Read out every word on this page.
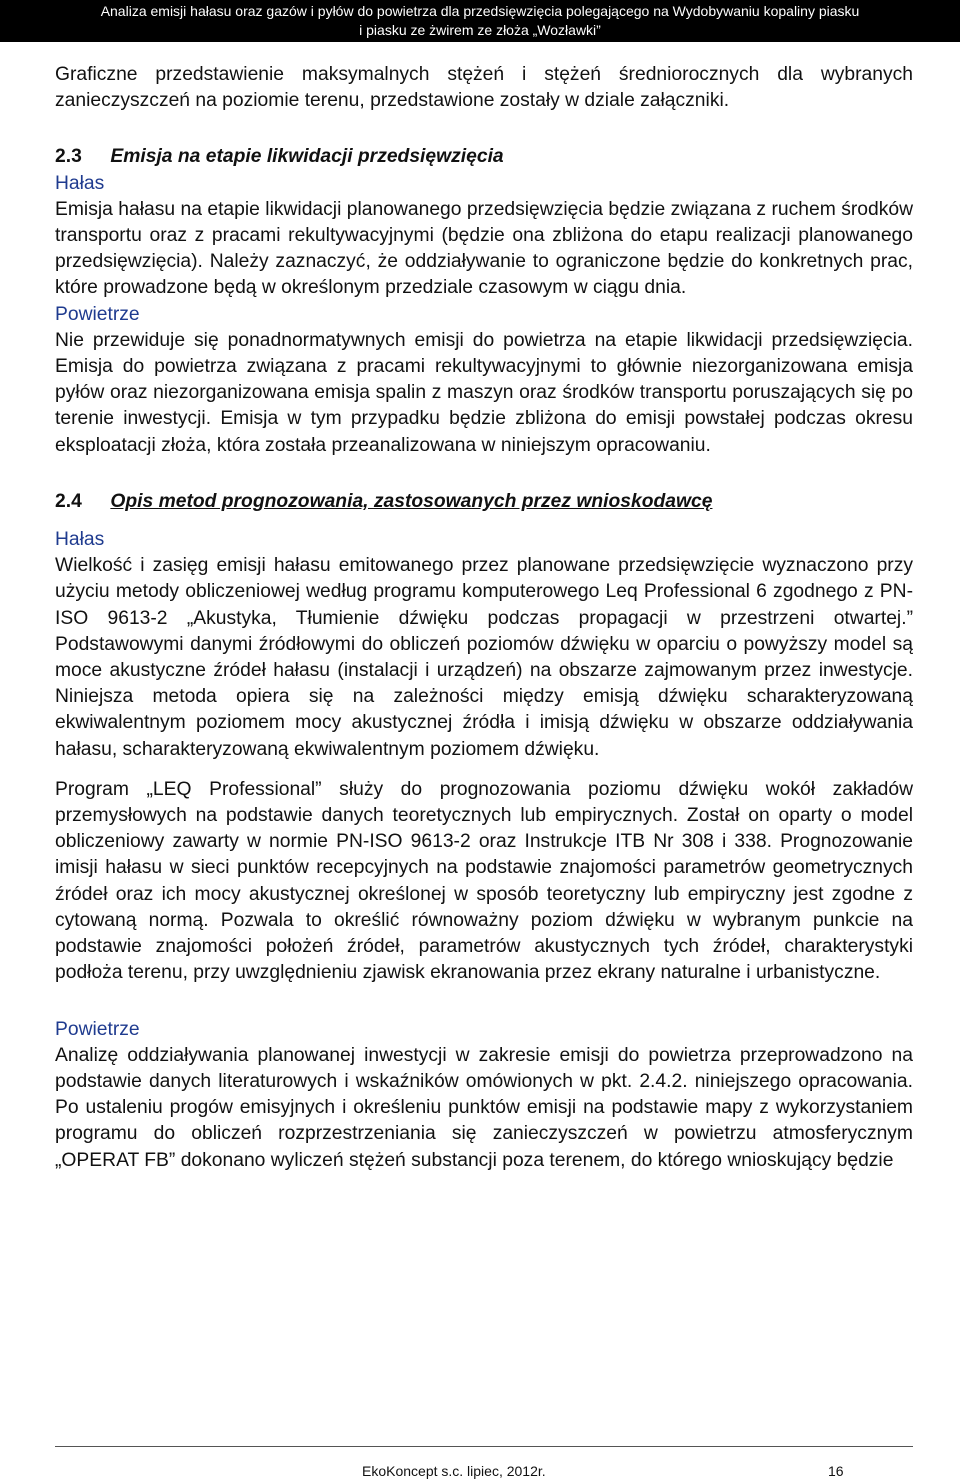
Analiza emisji hałasu oraz gazów i pyłów do powietrza dla przedsięwzięcia polegającego na Wydobywaniu kopaliny piasku
i piasku ze żwirem ze złoża „Wozławki”

Graficzne przedstawienie maksymalnych stężeń i stężeń średniorocznych dla wybranych zanieczyszczeń na poziomie terenu, przedstawione zostały w dziale załączniki.

2.3 Emisja na etapie likwidacji przedsięwzięcia

Hałas

Emisja hałasu na etapie likwidacji planowanego przedsięwzięcia będzie związana z ruchem środków transportu oraz z pracami rekultywacyjnymi (będzie ona zbliżona do etapu realizacji planowanego przedsięwzięcia). Należy zaznaczyć, że oddziaływanie to ograniczone będzie do konkretnych prac, które prowadzone będą w określonym przedziale czasowym w ciągu dnia.

Powietrze

Nie przewiduje się ponadnormatywnych emisji do powietrza na etapie likwidacji przedsięwzięcia. Emisja do powietrza związana z pracami rekultywacyjnymi to głównie niezorganizowana emisja pyłów oraz niezorganizowana emisja spalin z maszyn oraz środków transportu poruszających się po terenie inwestycji. Emisja w tym przypadku będzie zbliżona do emisji powstałej podczas okresu eksploatacji złoża, która została przeanalizowana w niniejszym opracowaniu.

2.4 Opis metod prognozowania, zastosowanych przez wnioskodawcę

Hałas

Wielkość i zasięg emisji hałasu emitowanego przez planowane przedsięwzięcie wyznaczono przy użyciu metody obliczeniowej według programu komputerowego Leq Professional 6 zgodnego z PN-ISO 9613-2 „Akustyka, Tłumienie dźwięku podczas propagacji w przestrzeni otwartej.” Podstawowymi danymi źródłowymi do obliczeń poziomów dźwięku w oparciu o powyższy model są moce akustyczne źródeł hałasu (instalacji i urządzeń) na obszarze zajmowanym przez inwestycje. Niniejsza metoda opiera się na zależności między emisją dźwięku scharakteryzowaną ekwiwalentnym poziomem mocy akustycznej źródła i imisją dźwięku w obszarze oddziaływania hałasu, scharakteryzowaną ekwiwalentnym poziomem dźwięku.

Program „LEQ Professional” służy do prognozowania poziomu dźwięku wokół zakładów przemysłowych na podstawie danych teoretycznych lub empirycznych. Został on oparty o model obliczeniowy zawarty w normie PN-ISO 9613-2 oraz Instrukcje ITB Nr 308 i 338. Prognozowanie imisji hałasu w sieci punktów recepcyjnych na podstawie znajomości parametrów geometrycznych źródeł oraz ich mocy akustycznej określonej w sposób teoretyczny lub empiryczny jest zgodne z cytowaną normą. Pozwala to określić równoważny poziom dźwięku w wybranym punkcie na podstawie znajomości położeń źródeł, parametrów akustycznych tych źródeł, charakterystyki podłoża terenu, przy uwzględnieniu zjawisk ekranowania przez ekrany naturalne i urbanistyczne.

Powietrze

Analizę oddziaływania planowanej inwestycji w zakresie emisji do powietrza przeprowadzono na podstawie danych literaturowych i wskaźników omówionych w pkt. 2.4.2. niniejszego opracowania. Po ustaleniu progów emisyjnych i określeniu punktów emisji na podstawie mapy z wykorzystaniem programu do obliczeń rozprzestrzeniania się zanieczyszczeń w powietrzu atmosferycznym „OPERAT FB” dokonano wyliczeń stężeń substancji poza terenem, do którego wnioskujący będzie

EkoKoncept s.c. lipiec, 2012r.	16
